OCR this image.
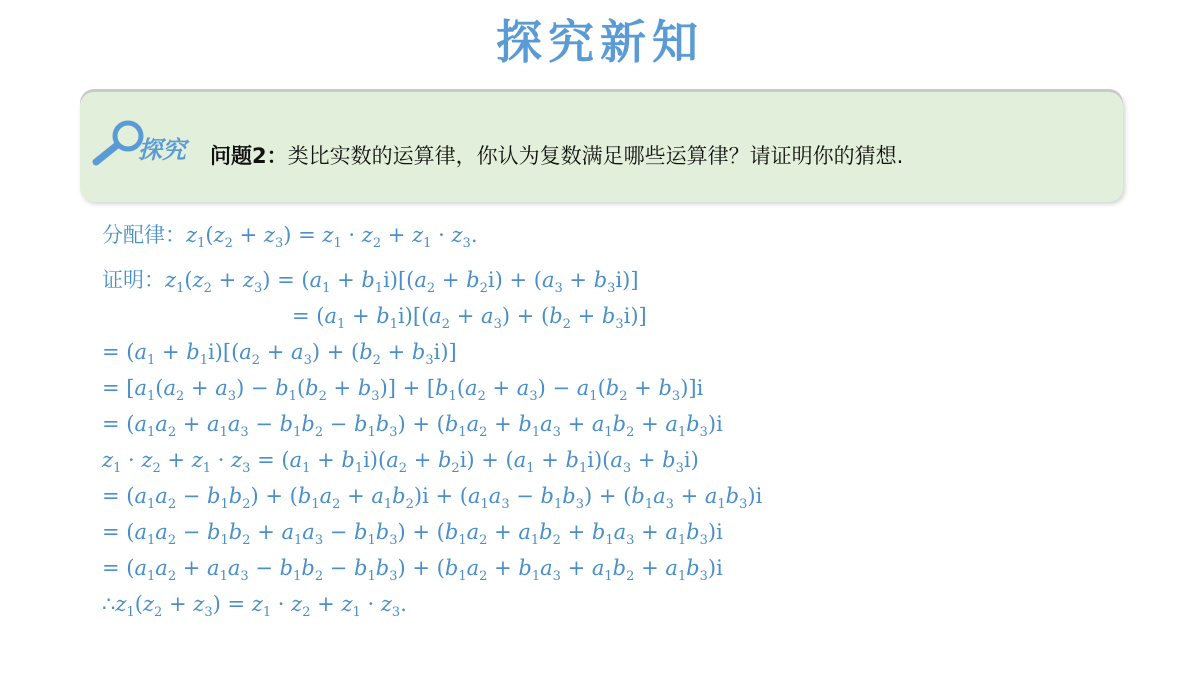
探究新知
探究 问题2：类比实数的运算律，你认为复数满足哪些运算律？请证明你的猜想.
分配律：$z_1(z_2 + z_3) = z_1 \cdot z_2 + z_1 \cdot z_3$.
证明：$z_1(z_2 + z_3) = (a_1 + b_1i)[(a_2 + b_2i) + (a_3 + b_3i)]$
= $(a_1 + b_1i)[(a_2 + a_3) + (b_2 + b_3i)]$
= $(a_1 + b_1i)[(a_2 + a_3) + (b_2 + b_3i)]$
= $[a_1(a_2 + a_3) - b_1(b_2 + b_3)] + [b_1(a_2 + a_3) - a_1(b_2 + b_3)]i$
= $(a_1a_2 + a_1a_3 - b_1b_2 - b_1b_3) + (b_1a_2 + b_1a_3 + a_1b_2 + a_1b_3)i$
$z_1 \cdot z_2 + z_1 \cdot z_3 = (a_1 + b_1i)(a_2 + b_2i) + (a_1 + b_1i)(a_3 + b_3i)$
= $(a_1a_2 - b_1b_2) + (b_1a_2 + a_1b_2)i + (a_1a_3 - b_1b_3) + (b_1a_3 + a_1b_3)i$
= $(a_1a_2 - b_1b_2 + a_1a_3 - b_1b_3) + (b_1a_2 + a_1b_2 + b_1a_3 + a_1b_3)i$
= $(a_1a_2 + a_1a_3 - b_1b_2 - b_1b_3) + (b_1a_2 + b_1a_3 + a_1b_2 + a_1b_3)i$
$\therefore z_1(z_2 + z_3) = z_1 \cdot z_2 + z_1 \cdot z_3$.
